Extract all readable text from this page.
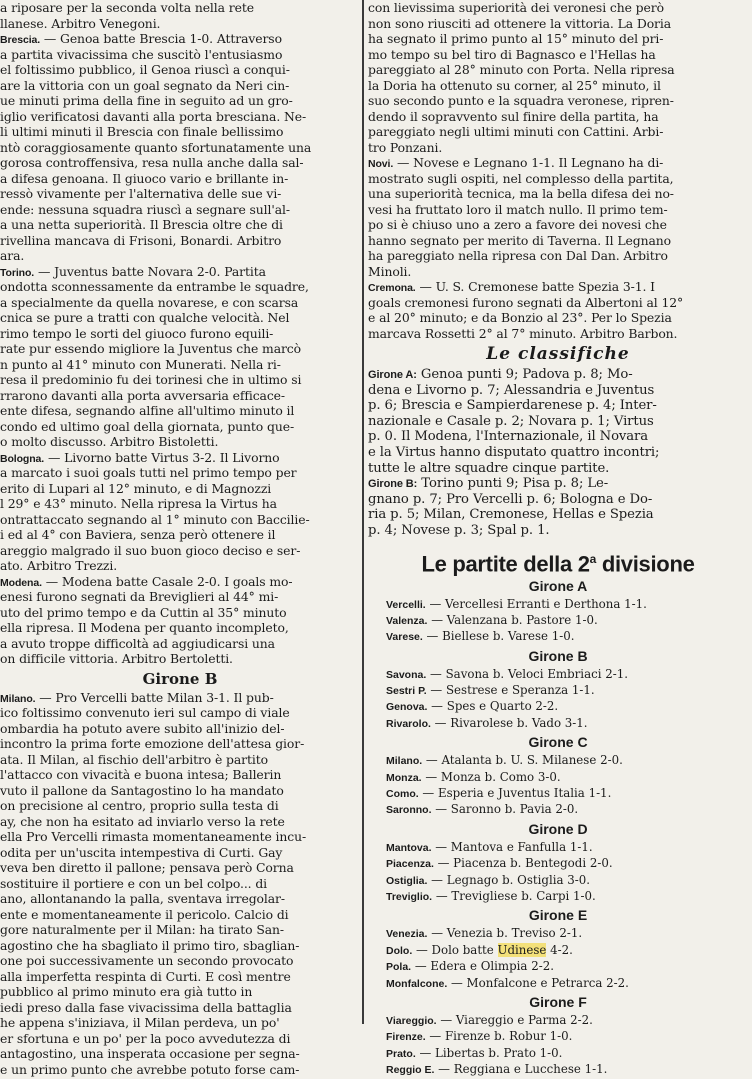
a riposare per la seconda volta nella rete

llanese. Arbitro Venegoni.

Brescia. — Genoa batte Brescia 1-0. Attraverso

a partita vivacissima che suscitò l'entusiasmo

el foltissimo pubblico, il Genoa riuscì a conqui-

are la vittoria con un goal segnato da Neri cin-

ue minuti prima della fine in seguito ad un gro-

iglio verificatosi davanti alla porta bresciana. Ne-

li ultimi minuti il Brescia con finale bellissimo

ntò coraggiosamente quanto sfortunatamente una

gorosa controffensiva, resa nulla anche dalla sal-

a difesa genoana. Il giuoco vario e brillante in-

ressò vivamente per l'alternativa delle sue vi-

ende: nessuna squadra riuscì a segnare sull'al-

a una netta superiorità. Il Brescia oltre che di

rivellina mancava di Frisoni, Bonardi. Arbitro

ara.

Torino. — Juventus batte Novara 2-0. Partita

ondotta sconnessamente da entrambe le squadre,

a specialmente da quella novarese, e con scarsa

cnica se pure a tratti con qualche velocità. Nel

rimo tempo le sorti del giuoco furono equili-

rate pur essendo migliore la Juventus che marcò

n punto al 41° minuto con Munerati. Nella ri-

resa il predominio fu dei torinesi che in ultimo si

rrarono davanti alla porta avversaria efficace-

ente difesa, segnando alfine all'ultimo minuto il

condo ed ultimo goal della giornata, punto que-

o molto discusso. Arbitro Bistoletti.

Bologna. — Livorno batte Virtus 3-2. Il Livorno

a marcato i suoi goals tutti nel primo tempo per

erito di Lupari al 12° minuto, e di Magnozzi

l 29° e 43° minuto. Nella ripresa la Virtus ha

ontrattaccato segnando al 1° minuto con Baccilie-

i ed al 4° con Baviera, senza però ottenere il

areggio malgrado il suo buon gioco deciso e ser-

ato. Arbitro Trezzi.

Modena. — Modena batte Casale 2-0. I goals mo-

enesi furono segnati da Breviglieri al 44° mi-

uto del primo tempo e da Cuttin al 35° minuto

ella ripresa. Il Modena per quanto incompleto,

a avuto troppe difficoltà ad aggiudicarsi una

on difficile vittoria. Arbitro Bertoletti.

Girone B

Milano. — Pro Vercelli batte Milan 3-1. Il pub-

ico foltissimo convenuto ieri sul campo di viale

ombardia ha potuto avere subito all'inizio del-

incontro la prima forte emozione dell'attesa gior-

ata. Il Milan, al fischio dell'arbitro è partito

l'attacco con vivacità e buona intesa; Ballerin

vuto il pallone da Santagostino lo ha mandato

on precisione al centro, proprio sulla testa di

ay, che non ha esitato ad inviarlo verso la rete

ella Pro Vercelli rimasta momentaneamente incu-

odita per un'uscita intempestiva di Curti. Gay

veva ben diretto il pallone; pensava però Corna

sostituire il portiere e con un bel colpo... di

ano, allontanando la palla, sventava irregolar-

ente e momentaneamente il pericolo. Calcio di

gore naturalmente per il Milan: ha tirato San-

agostino che ha sbagliato il primo tiro, sbaglian-

one poi successivamente un secondo provocato

alla imperfetta respinta di Curti. E così mentre

pubblico al primo minuto era già tutto in

iedi preso dalla fase vivacissima della battaglia

he appena s'iniziava, il Milan perdeva, un po'

er sfortuna e un po' per la poco avvedutezza di

antagostino, una insperata occasione per segna-

e un primo punto che avrebbe potuto forse cam-

con lievissima superiorità dei veronesi che però

non sono riusciti ad ottenere la vittoria. La Doria

ha segnato il primo punto al 15° minuto del pri-

mo tempo su bel tiro di Bagnasco e l'Hellas ha

pareggiato al 28° minuto con Porta. Nella ripresa

la Doria ha ottenuto su corner, al 25° minuto, il

suo secondo punto e la squadra veronese, ripren-

dendo il sopravvento sul finire della partita, ha

pareggiato negli ultimi minuti con Cattini. Arbi-

tro Ponzani.

Novi. — Novese e Legnano 1-1. Il Legnano ha di-

mostrato sugli ospiti, nel complesso della partita,

una superiorità tecnica, ma la bella difesa dei no-

vesi ha fruttato loro il match nullo. Il primo tem-

po si è chiuso uno a zero a favore dei novesi che

hanno segnato per merito di Taverna. Il Legnano

ha pareggiato nella ripresa con Dal Dan. Arbitro

Minoli.

Cremona. — U. S. Cremonese batte Spezia 3-1. I

goals cremonesi furono segnati da Albertoni al 12°

e al 20° minuto; e da Bonzio al 23°. Per lo Spezia

marcava Rossetti 2° al 7° minuto. Arbitro Barbon.

Le classifiche

Girone A: Genoa punti 9; Padova p. 8; Mo-

dena e Livorno p. 7; Alessandria e Juventus

p. 6; Brescia e Sampierdarenese p. 4; Inter-

nazionale e Casale p. 2; Novara p. 1; Virtus

p. 0. Il Modena, l'Internazionale, il Novara

e la Virtus hanno disputato quattro incontri;

tutte le altre squadre cinque partite.

Girone B: Torino punti 9; Pisa p. 8; Le-

gnano p. 7; Pro Vercelli p. 6; Bologna e Do-

ria p. 5; Milan, Cremonese, Hellas e Spezia

p. 4; Novese p. 3; Spal p. 1.

Le partite della 2$^a$ divisione
Girone A
Vercelli. — Vercellesi Erranti e Derthona 1-1.
Valenza. — Valenzana b. Pastore 1-0.
Varese. — Biellese b. Varese 1-0.
Girone B
Savona. — Savona b. Veloci Embriaci 2-1.
Sestri P. — Sestrese e Speranza 1-1.
Genova. — Spes e Quarto 2-2.
Rivarolo. — Rivarolese b. Vado 3-1.
Girone C
Milano. — Atalanta b. U. S. Milanese 2-0.
Monza. — Monza b. Como 3-0.
Como. — Esperia e Juventus Italia 1-1.
Saronno. — Saronno b. Pavia 2-0.
Girone D
Mantova. — Mantova e Fanfulla 1-1.
Piacenza. — Piacenza b. Bentegodi 2-0.
Ostiglia. — Legnago b. Ostiglia 3-0.
Treviglio. — Trevigliese b. Carpi 1-0.
Girone E
Venezia. — Venezia b. Treviso 2-1.
Dolo. — Dolo batte Udinese 4-2.
Pola. — Edera e Olimpia 2-2.
Monfalcone. — Monfalcone e Petrarca 2-2.
Girone F
Viareggio. — Viareggio e Parma 2-2.
Firenze. — Firenze b. Robur 1-0.
Prato. — Libertas b. Prato 1-0.
Reggio E. — Reggiana e Lucchese 1-1.
